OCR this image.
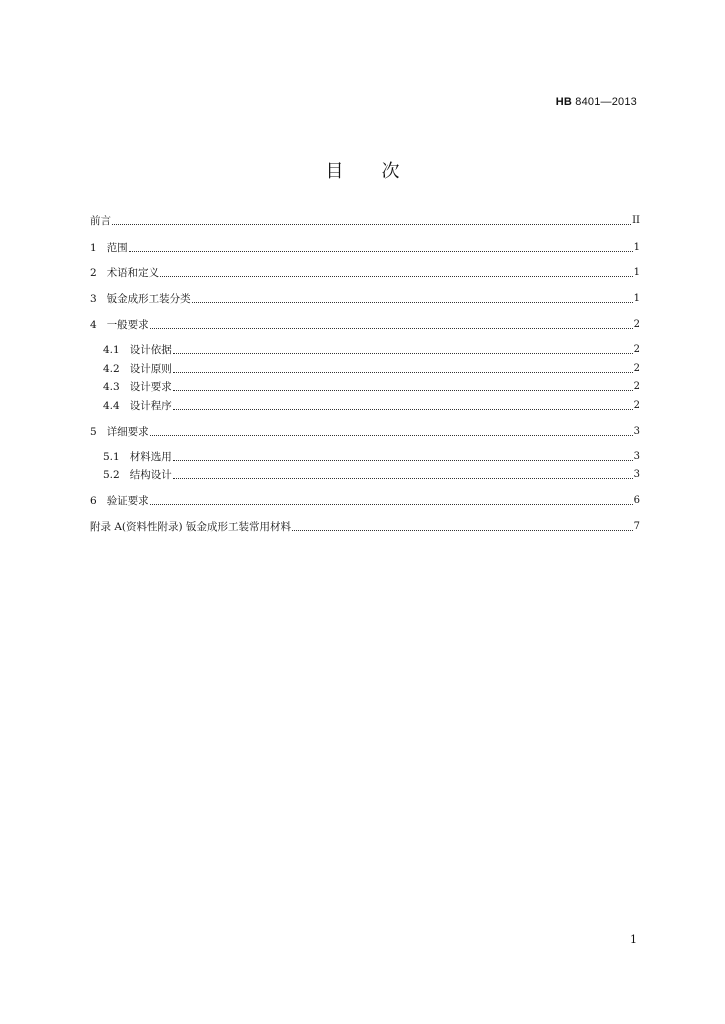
HB 8401—2013
目次
前言	II
1 范围	1
2 术语和定义	1
3 钣金成形工装分类	1
4 一般要求	2
4.1 设计依据	2
4.2 设计原则	2
4.3 设计要求	2
4.4 设计程序	2
5 详细要求	3
5.1 材料选用	3
5.2 结构设计	3
6 验证要求	6
附录 A(资料性附录) 钣金成形工装常用材料	7
1
